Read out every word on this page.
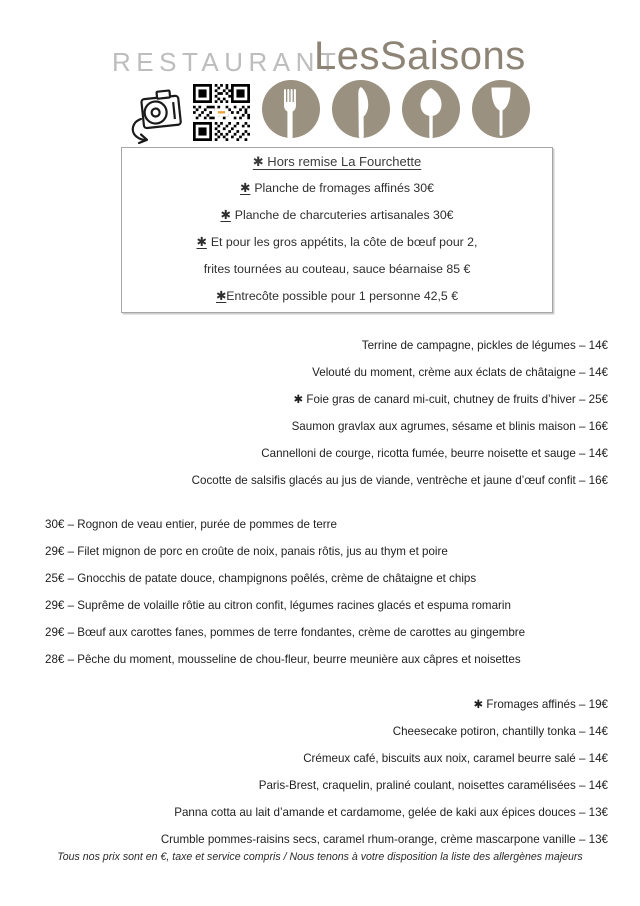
RESTAURANT
LesSaisons
✱ Hors remise La Fourchette
✱ Planche de fromages affinés 30€
✱ Planche de charcuteries artisanales 30€
✱ Et pour les gros appétits, la côte de bœuf pour 2,
frites tournées au couteau, sauce béarnaise 85 €
✱Entrecôte possible pour 1 personne 42,5 €
Terrine de campagne, pickles de légumes – 14€
Velouté du moment, crème aux éclats de châtaigne – 14€
✱ Foie gras de canard mi-cuit, chutney de fruits d’hiver – 25€
Saumon gravlax aux agrumes, sésame et blinis maison – 16€
Cannelloni de courge, ricotta fumée, beurre noisette et sauge – 14€
Cocotte de salsifis glacés au jus de viande, ventrèche et jaune d’œuf confit – 16€
30€ – Rognon de veau entier, purée de pommes de terre
29€ – Filet mignon de porc en croûte de noix, panais rôtis, jus au thym et poire
25€ – Gnocchis de patate douce, champignons poêlés, crème de châtaigne et chips
29€ – Suprême de volaille rôtie au citron confit, légumes racines glacés et espuma romarin
29€ – Bœuf aux carottes fanes, pommes de terre fondantes, crème de carottes au gingembre
28€ – Pêche du moment, mousseline de chou-fleur, beurre meunière aux câpres et noisettes
✱ Fromages affinés – 19€
Cheesecake potiron, chantilly tonka – 14€
Crémeux café, biscuits aux noix, caramel beurre salé – 14€
Paris-Brest, craquelin, praliné coulant, noisettes caramélisées – 14€
Panna cotta au lait d’amande et cardamome, gelée de kaki aux épices douces – 13€
Crumble pommes-raisins secs, caramel rhum-orange, crème mascarpone vanille – 13€
Tous nos prix sont en €, taxe et service compris / Nous tenons à votre disposition la liste des allergènes majeurs
